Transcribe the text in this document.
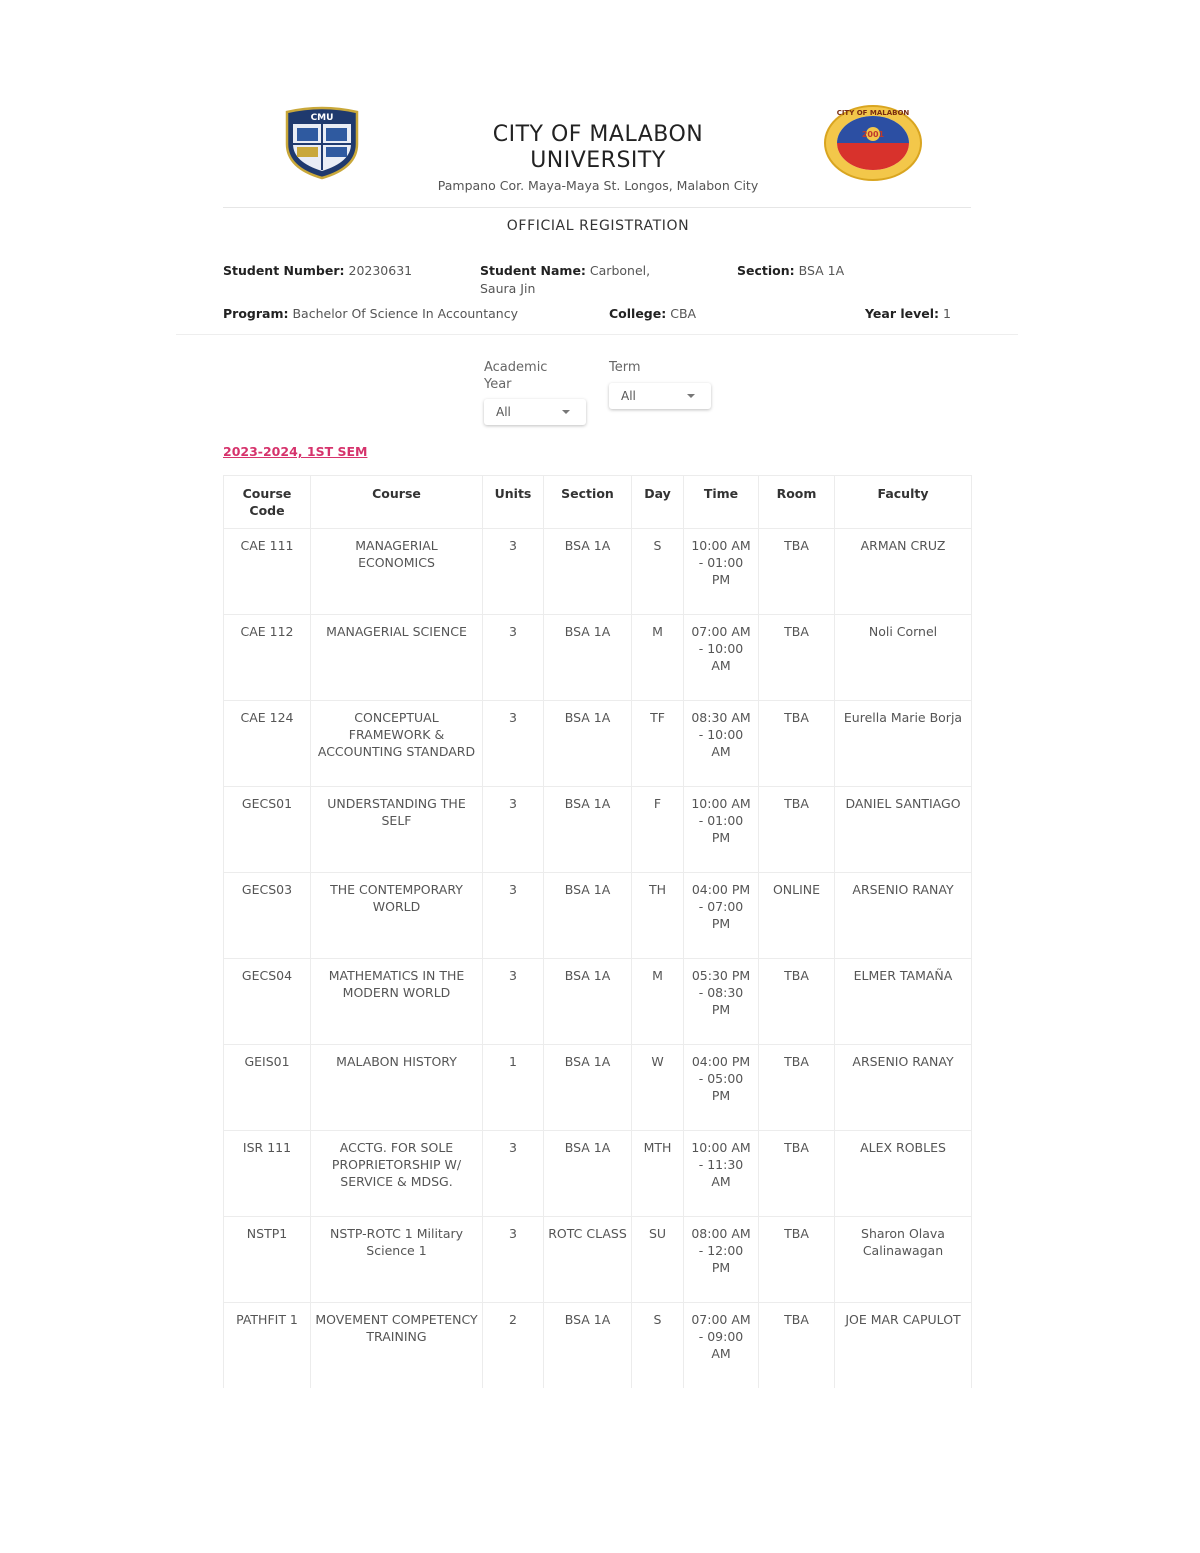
CMU
2001
CITY OF MALABON
CITY OF MALABON
UNIVERSITY
Pampano Cor. Maya-Maya St. Longos, Malabon City
OFFICIAL REGISTRATION
Student Number: 20230631	Student Name: Carbonel,
Saura Jin
Section: BSA 1A
Program: Bachelor Of Science In Accountancy	College: CBA	Year level: 1
Academic
Year
All
Term
All
2023-2024, 1ST SEM
Course Code	Course	Units	Section	Day	Time	Room	Faculty
CAE 111	MANAGERIAL ECONOMICS	3	BSA 1A	S	10:00 AM - 01:00 PM	TBA	ARMAN CRUZ
CAE 112	MANAGERIAL SCIENCE	3	BSA 1A	M	07:00 AM - 10:00 AM	TBA	Noli Cornel
CAE 124	CONCEPTUAL FRAMEWORK & ACCOUNTING STANDARD	3	BSA 1A	TF	08:30 AM - 10:00 AM	TBA	Eurella Marie Borja
GECS01	UNDERSTANDING THE SELF	3	BSA 1A	F	10:00 AM - 01:00 PM	TBA	DANIEL SANTIAGO
GECS03	THE CONTEMPORARY WORLD	3	BSA 1A	TH	04:00 PM - 07:00 PM	ONLINE	ARSENIO RANAY
GECS04	MATHEMATICS IN THE MODERN WORLD	3	BSA 1A	M	05:30 PM - 08:30 PM	TBA	ELMER TAMAÑA
GEIS01	MALABON HISTORY	1	BSA 1A	W	04:00 PM - 05:00 PM	TBA	ARSENIO RANAY
ISR 111	ACCTG. FOR SOLE PROPRIETORSHIP W/ SERVICE & MDSG.	3	BSA 1A	MTH	10:00 AM - 11:30 AM	TBA	ALEX ROBLES
NSTP1	NSTP-ROTC 1 Military Science 1	3	ROTC CLASS	SU	08:00 AM - 12:00 PM	TBA	Sharon Olava Calinawagan
PATHFIT 1	MOVEMENT COMPETENCY TRAINING	2	BSA 1A	S	07:00 AM - 09:00 AM	TBA	JOE MAR CAPULOT
